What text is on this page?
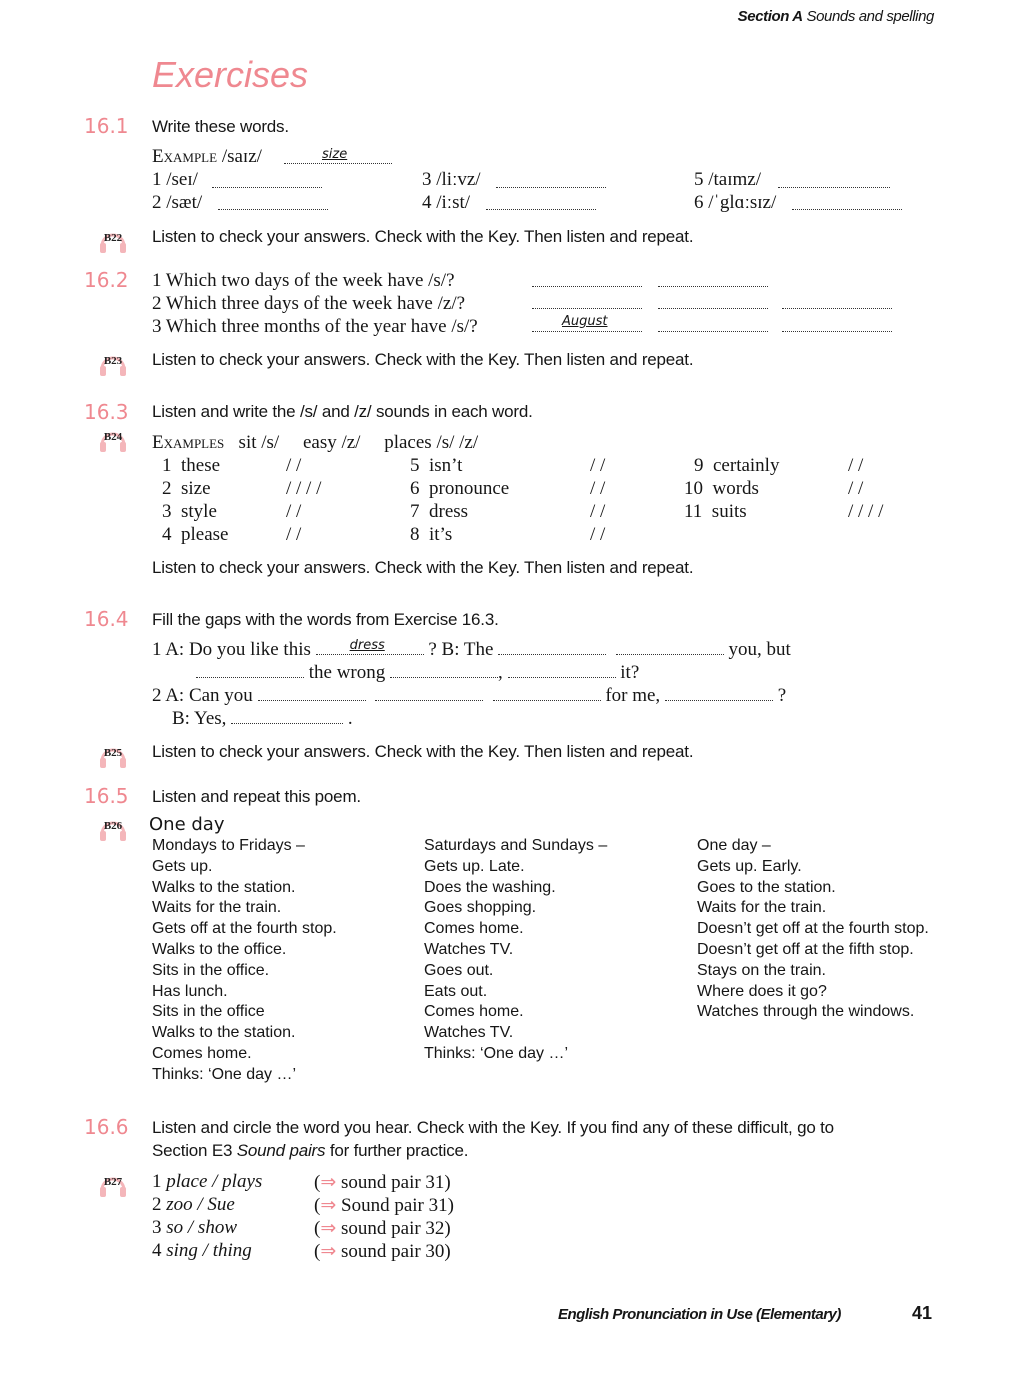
Section A Sounds and spelling
Exercises
16.1 Write these words.
Example /saɪz/	size
1 /seɪ/
2 /sæt/
3 /liːvz/
4 /iːst/
5 /taɪmz/
6 /ˈglɑːsɪz/
B22	Listen to check your answers. Check with the Key. Then listen and repeat.
16.2 1 Which two days of the week have /s/?
2 Which three days of the week have /z/?
3 Which three months of the year have /s/?	August
B23	Listen to check your answers. Check with the Key. Then listen and repeat.
16.3 Listen and write the /s/ and /z/ sounds in each word.
B24	Examples sit /s/ easy /z/ places /s/ /z/
1 these	/ /
2 size	/ / / /
3 style	/ /
4 please	/ /
5 isn’t	/ /
6 pronounce	/ /
7 dress	/ /
8 it’s	/ /
9 certainly	/ /
10 words	/ /
11 suits	/ / / /
Listen to check your answers. Check with the Key. Then listen and repeat.
16.4 Fill the gaps with the words from Exercise 16.3.
1 A: Do you like this	dress ? B: The	you, but
the wrong	,	it?
2 A: Can you	for me,	?
B: Yes,	.
B25	Listen to check your answers. Check with the Key. Then listen and repeat.
16.5 Listen and repeat this poem.
B26	One day
Mondays to Fridays –
Gets up.
Walks to the station.
Waits for the train.
Gets off at the fourth stop.
Walks to the office.
Sits in the office.
Has lunch.
Sits in the office
Walks to the station.
Comes home.
Thinks: ‘One day …’
Saturdays and Sundays –
Gets up. Late.
Does the washing.
Goes shopping.
Comes home.
Watches TV.
Goes out.
Eats out.
Comes home.
Watches TV.
Thinks: ‘One day …’
One day –
Gets up. Early.
Goes to the station.
Waits for the train.
Doesn’t get off at the fourth stop.
Doesn’t get off at the fifth stop.
Stays on the train.
Where does it go?
Watches through the windows.
16.6 Listen and circle the word you hear. Check with the Key. If you find any of these difficult, go to
Section E3 Sound pairs for further practice.
B27	1 place / plays	(⇒ sound pair 31)
2 zoo / Sue	(⇒ Sound pair 31)
3 so / show	(⇒ sound pair 32)
4 sing / thing	(⇒ sound pair 30)
English Pronunciation in Use (Elementary)	41
